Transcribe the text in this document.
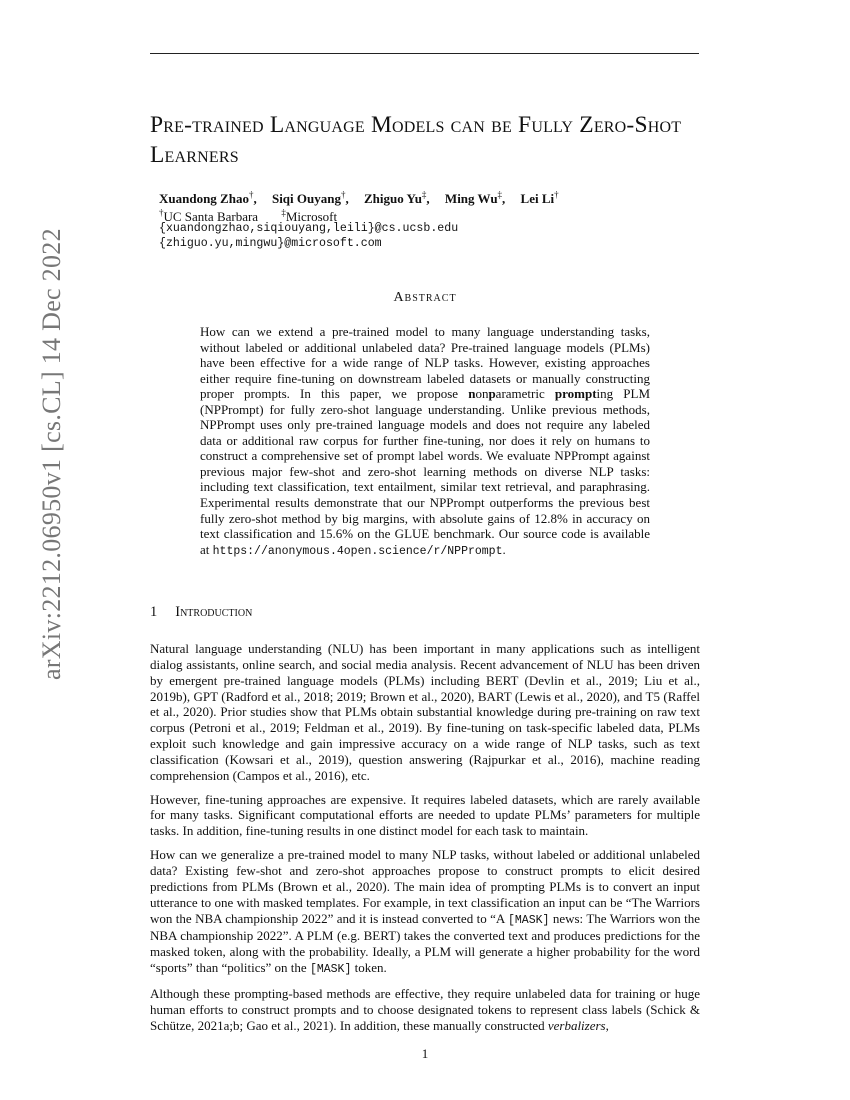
Pre-trained Language Models can be Fully Zero-Shot Learners
Xuandong Zhao†, Siqi Ouyang†, Zhiguo Yu‡, Ming Wu‡, Lei Li†
†UC Santa Barbara	‡Microsoft
{xuandongzhao,siqiouyang,leili}@cs.ucsb.edu
{zhiguo.yu,mingwu}@microsoft.com
arXiv:2212.06950v1 [cs.CL] 14 Dec 2022	Abstract

How can we extend a pre-trained model to many language understanding tasks, without labeled or additional unlabeled data? Pre-trained language models (PLMs) have been effective for a wide range of NLP tasks. However, existing approaches either require fine-tuning on downstream labeled datasets or manually constructing proper prompts. In this paper, we propose nonparametric prompting PLM (NPPrompt) for fully zero-shot language understanding. Unlike previous methods, NPPrompt uses only pre-trained language models and does not require any labeled data or additional raw corpus for further fine-tuning, nor does it rely on humans to construct a comprehensive set of prompt label words. We evaluate NPPrompt against previous major few-shot and zero-shot learning methods on diverse NLP tasks: including text classification, text entailment, similar text retrieval, and paraphrasing. Experimental results demonstrate that our NPPrompt outperforms the previous best fully zero-shot method by big margins, with absolute gains of 12.8% in accuracy on text classification and 15.6% on the GLUE benchmark. Our source code is available at https://anonymous.4open.science/r/NPPrompt.

1 Introduction

Natural language understanding (NLU) has been important in many applications such as intelligent dialog assistants, online search, and social media analysis. Recent advancement of NLU has been driven by emergent pre-trained language models (PLMs) including BERT (Devlin et al., 2019; Liu et al., 2019b), GPT (Radford et al., 2018; 2019; Brown et al., 2020), BART (Lewis et al., 2020), and T5 (Raffel et al., 2020). Prior studies show that PLMs obtain substantial knowledge during pre-training on raw text corpus (Petroni et al., 2019; Feldman et al., 2019). By fine-tuning on task-specific labeled data, PLMs exploit such knowledge and gain impressive accuracy on a wide range of NLP tasks, such as text classification (Kowsari et al., 2019), question answering (Rajpurkar et al., 2016), machine reading comprehension (Campos et al., 2016), etc.

However, fine-tuning approaches are expensive. It requires labeled datasets, which are rarely available for many tasks. Significant computational efforts are needed to update PLMs’ parameters for multiple tasks. In addition, fine-tuning results in one distinct model for each task to maintain.

How can we generalize a pre-trained model to many NLP tasks, without labeled or additional unlabeled data? Existing few-shot and zero-shot approaches propose to construct prompts to elicit desired predictions from PLMs (Brown et al., 2020). The main idea of prompting PLMs is to convert an input utterance to one with masked templates. For example, in text classification an input can be “The Warriors won the NBA championship 2022” and it is instead converted to “A [MASK] news: The Warriors won the NBA championship 2022”. A PLM (e.g. BERT) takes the converted text and produces predictions for the masked token, along with the probability. Ideally, a PLM will generate a higher probability for the word “sports” than “politics” on the [MASK] token.

Although these prompting-based methods are effective, they require unlabeled data for training or huge human efforts to construct prompts and to choose designated tokens to represent class labels (Schick & Schütze, 2021a;b; Gao et al., 2021). In addition, these manually constructed verbalizers,

1
